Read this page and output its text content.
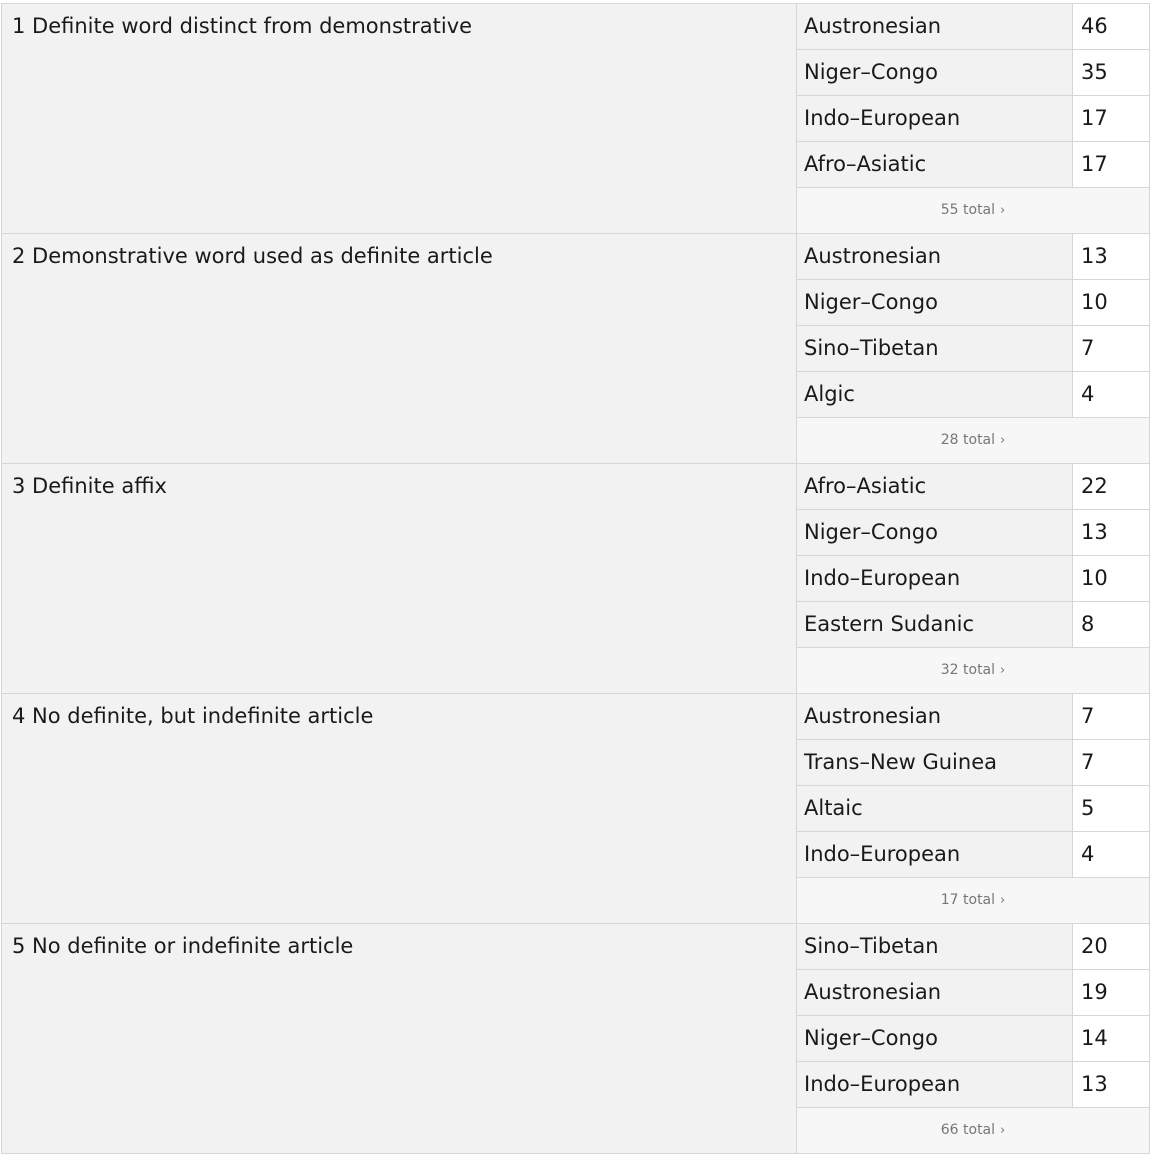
1 Definite word distinct from demonstrative	Austronesian	46
	Niger–Congo	35
	Indo–European	17
	Afro–Asiatic	17
	55 total ›	
2 Demonstrative word used as definite article	Austronesian	13
	Niger–Congo	10
	Sino–Tibetan	7
	Algic	4
	28 total ›	
3 Definite affix	Afro–Asiatic	22
	Niger–Congo	13
	Indo–European	10
	Eastern Sudanic	8
	32 total ›	
4 No definite, but indefinite article	Austronesian	7
	Trans–New Guinea	7
	Altaic	5
	Indo–European	4
	17 total ›	
5 No definite or indefinite article	Sino–Tibetan	20
	Austronesian	19
	Niger–Congo	14
	Indo–European	13
	66 total ›	
